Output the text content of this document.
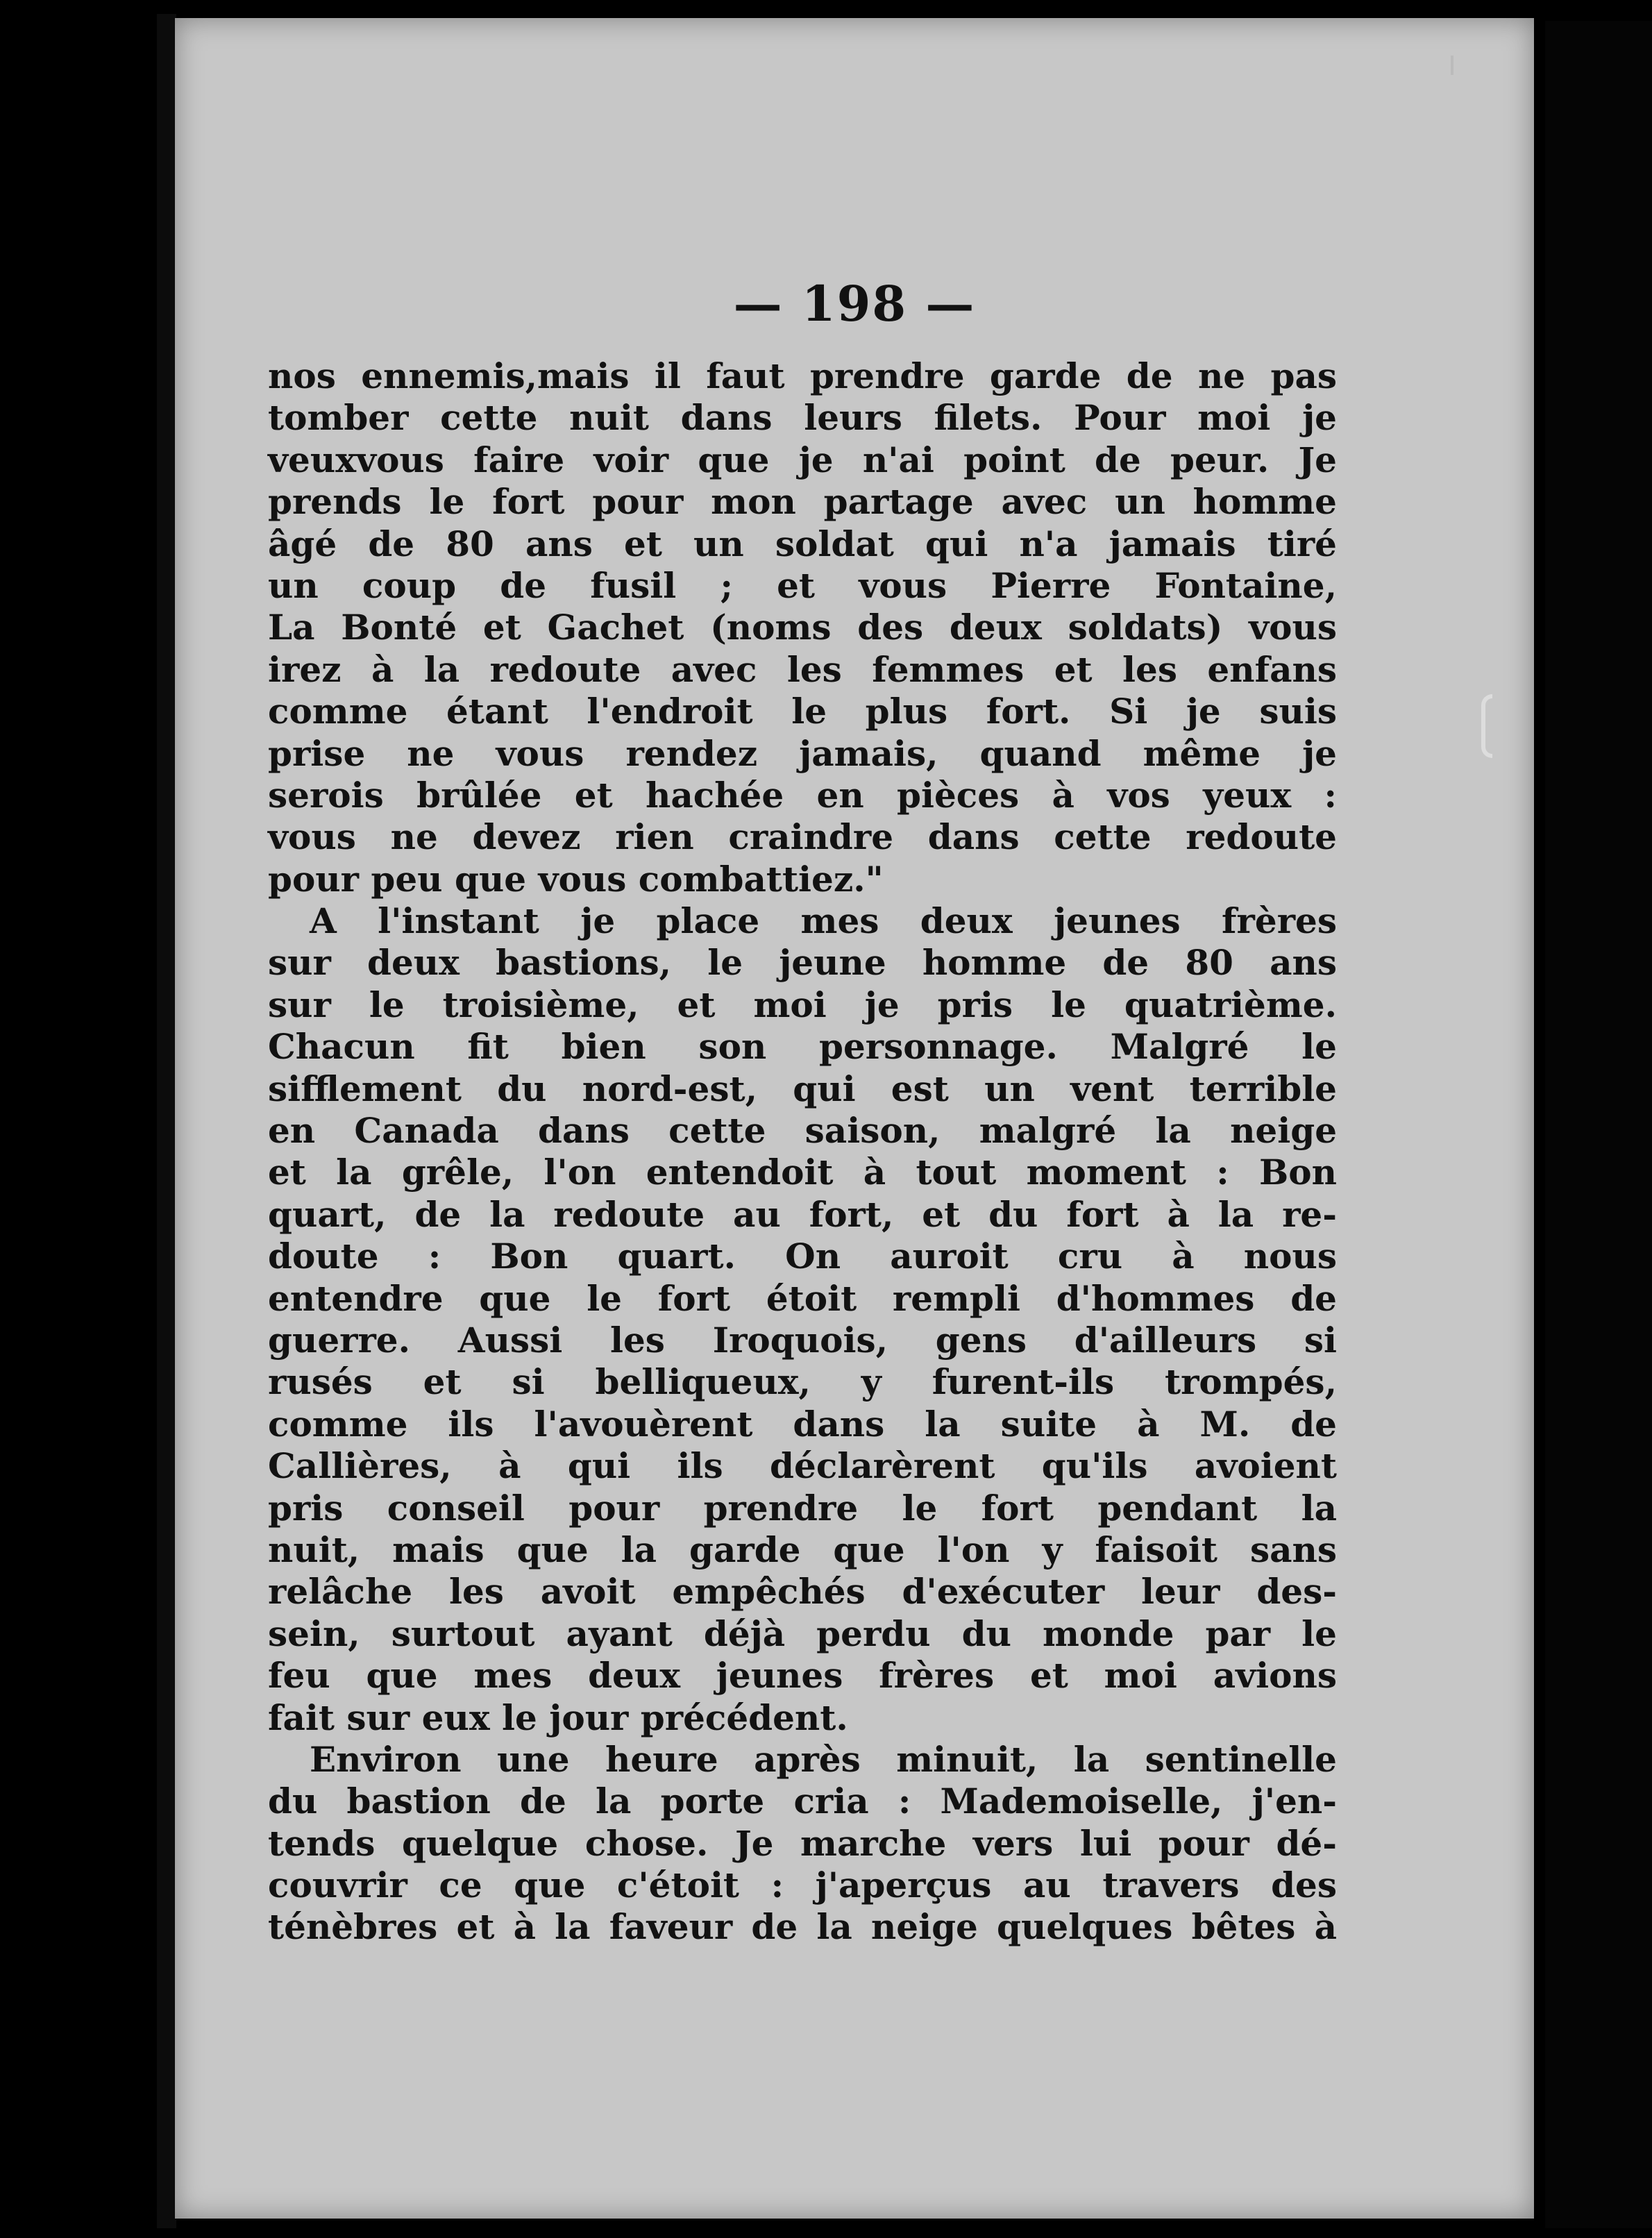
— 198 —
nos ennemis,mais il faut prendre garde de ne pas
tomber cette nuit dans leurs filets. Pour moi je
veuxvous faire voir que je n'ai point de peur. Je
prends le fort pour mon partage avec un homme
âgé de 80 ans et un soldat qui n'a jamais tiré
un coup de fusil ; et vous Pierre Fontaine,
La Bonté et Gachet (noms des deux soldats) vous
irez à la redoute avec les femmes et les enfans
comme étant l'endroit le plus fort. Si je suis
prise ne vous rendez jamais, quand même je
serois brûlée et hachée en pièces à vos yeux :
vous ne devez rien craindre dans cette redoute
pour peu que vous combattiez."
A l'instant je place mes deux jeunes frères
sur deux bastions, le jeune homme de 80 ans
sur le troisième, et moi je pris le quatrième.
Chacun fit bien son personnage. Malgré le
sifflement du nord-est, qui est un vent terrible
en Canada dans cette saison, malgré la neige
et la grêle, l'on entendoit à tout moment : Bon
quart, de la redoute au fort, et du fort à la re-
doute : Bon quart. On auroit cru à nous
entendre que le fort étoit rempli d'hommes de
guerre. Aussi les Iroquois, gens d'ailleurs si
rusés et si belliqueux, y furent-ils trompés,
comme ils l'avouèrent dans la suite à M. de
Callières, à qui ils déclarèrent qu'ils avoient
pris conseil pour prendre le fort pendant la
nuit, mais que la garde que l'on y faisoit sans
relâche les avoit empêchés d'exécuter leur des-
sein, surtout ayant déjà perdu du monde par le
feu que mes deux jeunes frères et moi avions
fait sur eux le jour précédent.
Environ une heure après minuit, la sentinelle
du bastion de la porte cria : Mademoiselle, j'en-
tends quelque chose. Je marche vers lui pour dé-
couvrir ce que c'étoit : j'aperçus au travers des
ténèbres et à la faveur de la neige quelques bêtes à
